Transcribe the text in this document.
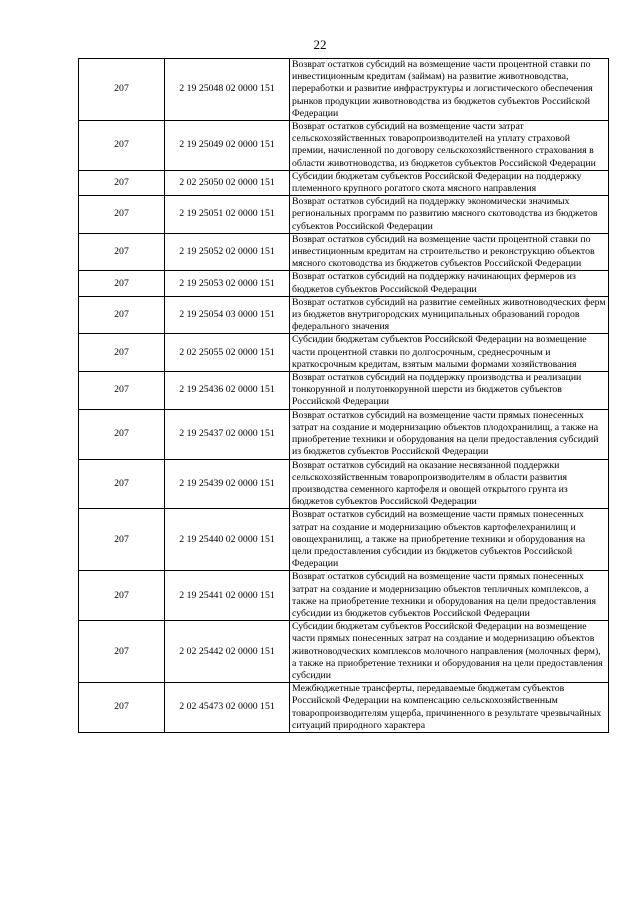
22
207	2 19 25048 02 0000 151	Возврат остатков субсидий на возмещение части процентной ставки по инвестиционным кредитам (займам) на развитие животноводства, переработки и развитие инфраструктуры и логистического обеспечения рынков продукции животноводства из бюджетов субъектов Российской Федерации
207	2 19 25049 02 0000 151	Возврат остатков субсидий на возмещение части затрат сельскохозяйственных товаропроизводителей на уплату страховой премии, начисленной по договору сельскохозяйственного страхования в области животноводства, из бюджетов субъектов Российской Федерации
207	2 02 25050 02 0000 151	Субсидии бюджетам субъектов Российской Федерации на поддержку племенного крупного рогатого скота мясного направления
207	2 19 25051 02 0000 151	Возврат остатков субсидий на поддержку экономически значимых региональных программ по развитию мясного скотоводства из бюджетов субъектов Российской Федерации
207	2 19 25052 02 0000 151	Возврат остатков субсидий на возмещение части процентной ставки по инвестиционным кредитам на строительство и реконструкцию объектов мясного скотоводства из бюджетов субъектов Российской Федерации
207	2 19 25053 02 0000 151	Возврат остатков субсидий на поддержку начинающих фермеров из бюджетов субъектов Российской Федерации
207	2 19 25054 03 0000 151	Возврат остатков субсидий на развитие семейных животноводческих ферм из бюджетов внутригородских муниципальных образований городов федерального значения
207	2 02 25055 02 0000 151	Субсидии бюджетам субъектов Российской Федерации на возмещение части процентной ставки по долгосрочным, среднесрочным и краткосрочным кредитам, взятым малыми формами хозяйствования
207	2 19 25436 02 0000 151	Возврат остатков субсидий на поддержку производства и реализации тонкорунной и полутонкорунной шерсти из бюджетов субъектов Российской Федерации
207	2 19 25437 02 0000 151	Возврат остатков субсидий на возмещение части прямых понесенных затрат на создание и модернизацию объектов плодохранилищ, а также на приобретение техники и оборудования на цели предоставления субсидий из бюджетов субъектов Российской Федерации
207	2 19 25439 02 0000 151	Возврат остатков субсидий на оказание несвязанной поддержки сельскохозяйственным товаропроизводителям в области развития производства семенного картофеля и овощей открытого грунта из бюджетов субъектов Российской Федерации
207	2 19 25440 02 0000 151	Возврат остатков субсидий на возмещение части прямых понесенных затрат на создание и модернизацию объектов картофелехранилищ и овощехранилищ, а также на приобретение техники и оборудования на цели предоставления субсидии из бюджетов субъектов Российской Федерации
207	2 19 25441 02 0000 151	Возврат остатков субсидий на возмещение части прямых понесенных затрат на создание и модернизацию объектов тепличных комплексов, а также на приобретение техники и оборудования на цели предоставления субсидии из бюджетов субъектов Российской Федерации
207	2 02 25442 02 0000 151	Субсидии бюджетам субъектов Российской Федерации на возмещение части прямых понесенных затрат на создание и модернизацию объектов животноводческих комплексов молочного направления (молочных ферм), а также на приобретение техники и оборудования на цели предоставления субсидии
207	2 02 45473 02 0000 151	Межбюджетные трансферты, передаваемые бюджетам субъектов Российской Федерации на компенсацию сельскохозяйственным товаропроизводителям ущерба, причиненного в результате чрезвычайных ситуаций природного характера
